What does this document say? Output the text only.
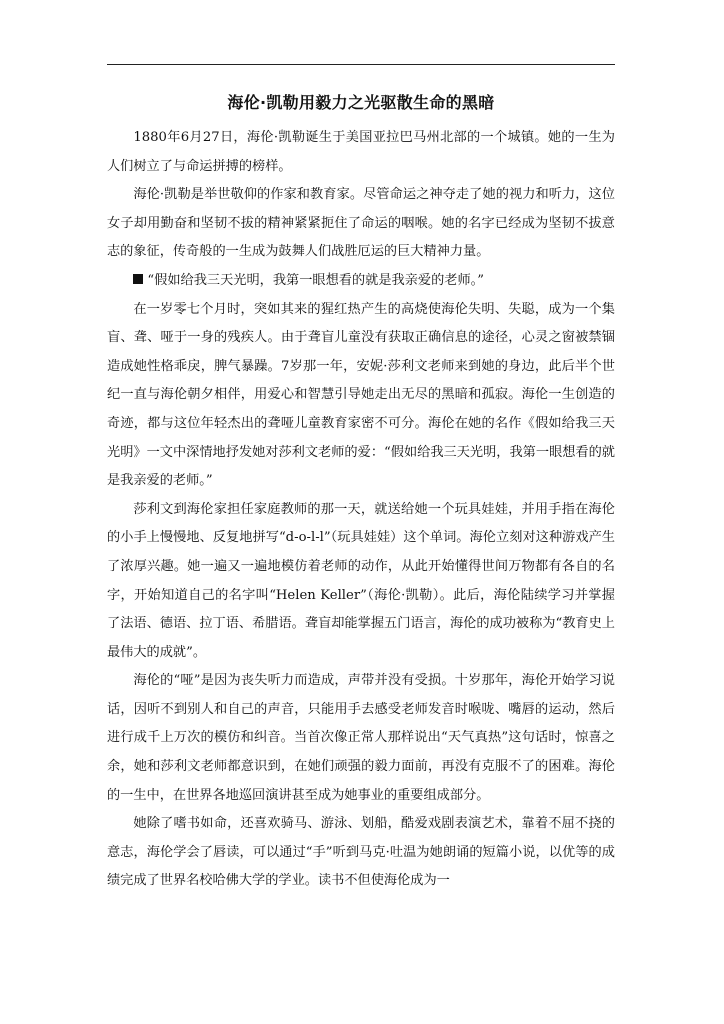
海伦·凯勒用毅力之光驱散生命的黑暗

1880年6月27日，海伦·凯勒诞生于美国亚拉巴马州北部的一个城镇。她的一生为人们树立了与命运拼搏的榜样。

海伦·凯勒是举世敬仰的作家和教育家。尽管命运之神夺走了她的视力和听力，这位女子却用勤奋和坚韧不拔的精神紧紧扼住了命运的咽喉。她的名字已经成为坚韧不拔意志的象征，传奇般的一生成为鼓舞人们战胜厄运的巨大精神力量。

“假如给我三天光明，我第一眼想看的就是我亲爱的老师。”

在一岁零七个月时，突如其来的猩红热产生的高烧使海伦失明、失聪，成为一个集盲、聋、哑于一身的残疾人。由于聋盲儿童没有获取正确信息的途径，心灵之窗被禁锢造成她性格乖戾，脾气暴躁。7岁那一年，安妮·莎利文老师来到她的身边，此后半个世纪一直与海伦朝夕相伴，用爱心和智慧引导她走出无尽的黑暗和孤寂。海伦一生创造的奇迹，都与这位年轻杰出的聋哑儿童教育家密不可分。海伦在她的名作《假如给我三天光明》一文中深情地抒发她对莎利文老师的爱：“假如给我三天光明，我第一眼想看的就是我亲爱的老师。”

莎利文到海伦家担任家庭教师的那一天，就送给她一个玩具娃娃，并用手指在海伦的小手上慢慢地、反复地拼写“d-o-l-l”（玩具娃娃）这个单词。海伦立刻对这种游戏产生了浓厚兴趣。她一遍又一遍地模仿着老师的动作，从此开始懂得世间万物都有各自的名字，开始知道自己的名字叫“Helen Keller”（海伦·凯勒）。此后，海伦陆续学习并掌握了法语、德语、拉丁语、希腊语。聋盲却能掌握五门语言，海伦的成功被称为“教育史上最伟大的成就”。

海伦的“哑”是因为丧失听力而造成，声带并没有受损。十岁那年，海伦开始学习说话，因听不到别人和自己的声音，只能用手去感受老师发音时喉咙、嘴唇的运动，然后进行成千上万次的模仿和纠音。当首次像正常人那样说出“天气真热”这句话时，惊喜之余，她和莎利文老师都意识到，在她们顽强的毅力面前，再没有克服不了的困难。海伦的一生中，在世界各地巡回演讲甚至成为她事业的重要组成部分。

她除了嗜书如命，还喜欢骑马、游泳、划船，酷爱戏剧表演艺术，靠着不屈不挠的意志，海伦学会了唇读，可以通过“手”听到马克·吐温为她朗诵的短篇小说，以优等的成绩完成了世界名校哈佛大学的学业。读书不但使海伦成为一
